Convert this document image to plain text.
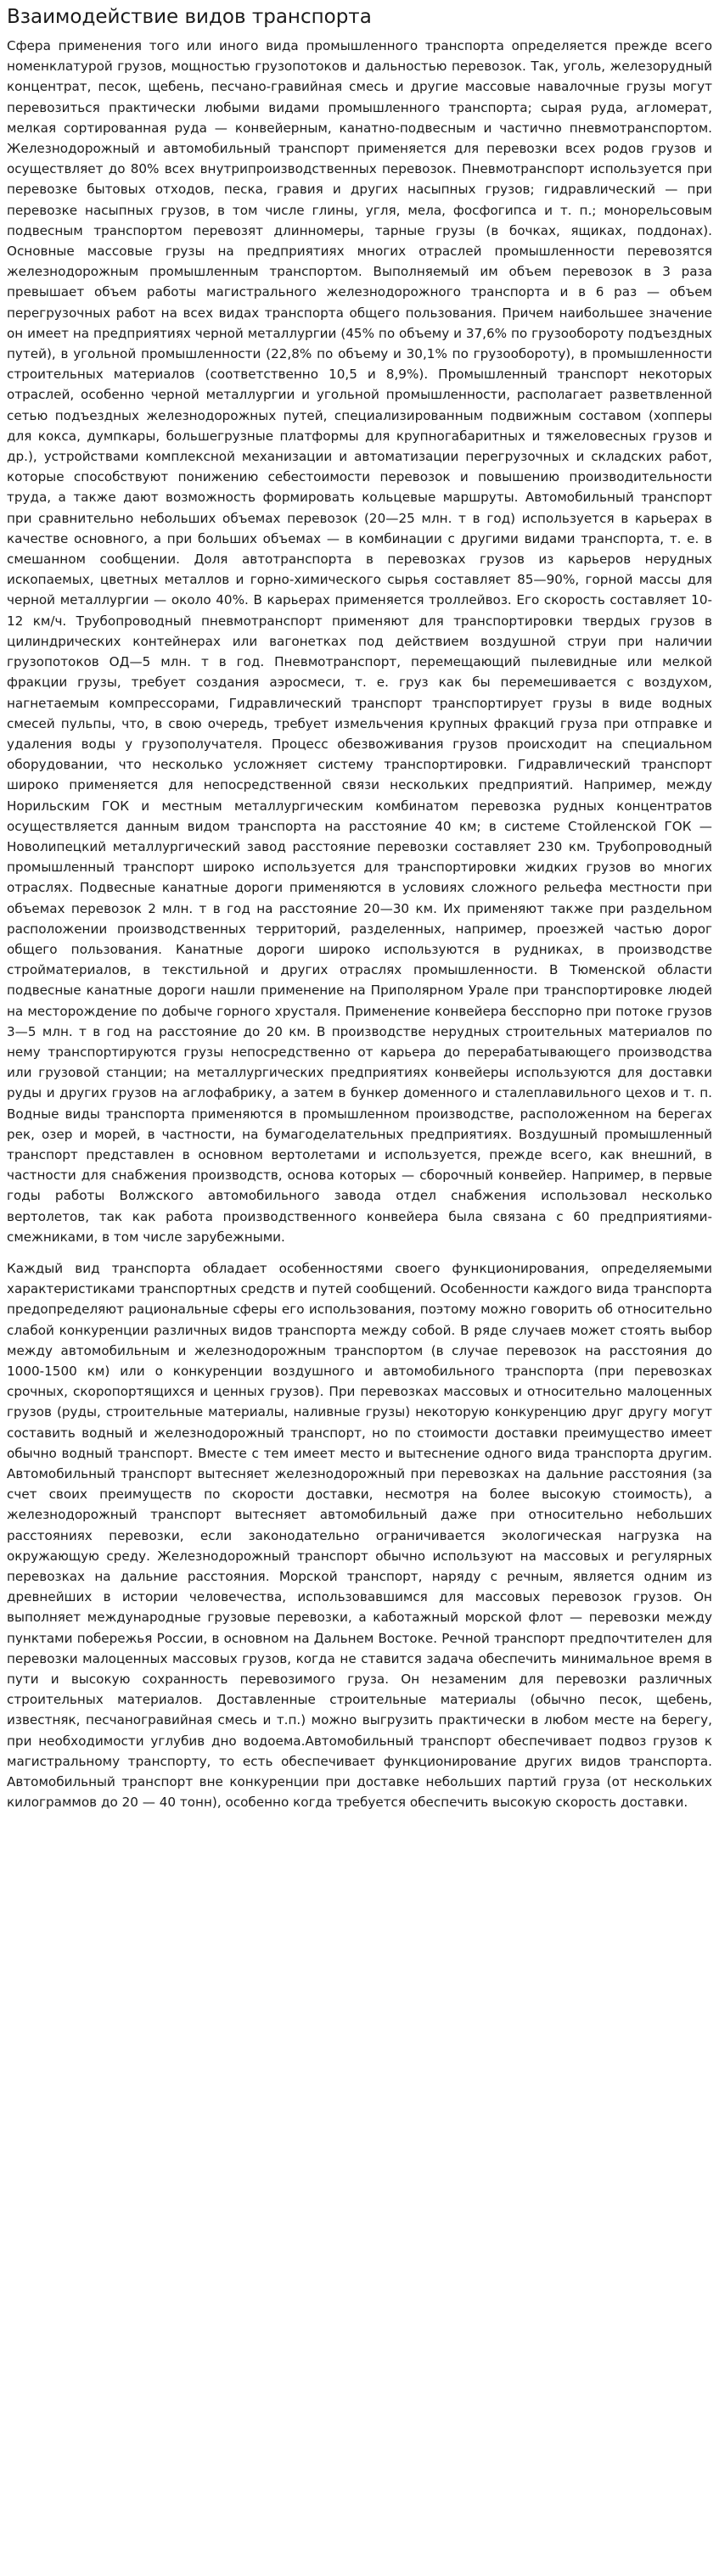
Взаимодействие видов транспорта

Сфера применения того или иного вида промышленного транспорта определяется прежде всего номенклатурой грузов, мощностью грузопотоков и дальностью перевозок. Так, уголь, железорудный концентрат, песок, щебень, песчано-гравийная смесь и другие массовые навалочные грузы могут перевозиться практически любыми видами промышленного транспорта; сырая руда, агломерат, мелкая сортированная руда — конвейерным, канатно-подвесным и частично пневмотранспортом. Железнодорожный и автомобильный транспорт применяется для перевозки всех родов грузов и осуществляет до 80% всех внутрипроизводственных перевозок. Пневмотранспорт используется при перевозке бытовых отходов, песка, гравия и других насыпных грузов; гидравлический — при перевозке насыпных грузов, в том числе глины, угля, мела, фосфогипса и т. п.; монорельсовым подвесным транспортом перевозят длинномеры, тарные грузы (в бочках, ящиках, поддонах). Основные массовые грузы на предприятиях многих отраслей промышленности перевозятся железнодорожным промышленным транспортом. Выполняемый им объем перевозок в 3 раза превышает объем работы магистрального железнодорожного транспорта и в 6 раз — объем перегрузочных работ на всех видах транспорта общего пользования. Причем наибольшее значение он имеет на предприятиях черной металлургии (45% по объему и 37,6% по грузообороту подъездных путей), в угольной промышленности (22,8% по объему и 30,1% по грузообороту), в промышленности строительных материалов (соответственно 10,5 и 8,9%). Промышленный транспорт некоторых отраслей, особенно черной металлургии и угольной промышленности, располагает разветвленной сетью подъездных железнодорожных путей, специализированным подвижным составом (хопперы для кокса, думпкары, большегрузные платформы для крупногабаритных и тяжеловесных грузов и др.), устройствами комплексной механизации и автоматизации перегрузочных и складских работ, которые способствуют понижению себестоимости перевозок и повышению производительности труда, а также дают возможность формировать кольцевые маршруты. Автомобильный транспорт при сравнительно небольших объемах перевозок (20—25 млн. т в год) используется в карьерах в качестве основного, а при больших объемах — в комбинации с другими видами транспорта, т. е. в смешанном сообщении. Доля автотранспорта в перевозках грузов из карьеров нерудных ископаемых, цветных металлов и горно-химического сырья составляет 85—90%, горной массы для черной металлургии — около 40%. В карьерах применяется троллейвоз. Его скорость составляет 10-12 км/ч. Трубопроводный пневмотранспорт применяют для транспортировки твердых грузов в цилиндрических контейнерах или вагонетках под действием воздушной струи при наличии грузопотоков ОД—5 млн. т в год. Пневмотранспорт, перемещающий пылевидные или мелкой фракции грузы, требует создания аэросмеси, т. е. груз как бы перемешивается с воздухом, нагнетаемым компрессорами, Гидравлический транспорт транспортирует грузы в виде водных смесей пульпы, что, в свою очередь, требует измельчения крупных фракций груза при отправке и удаления воды у грузополучателя. Процесс обезвоживания грузов происходит на специальном оборудовании, что несколько усложняет систему транспортировки. Гидравлический транспорт широко применяется для непосредственной связи нескольких предприятий. Например, между Норильским ГОК и местным металлургическим комбинатом перевозка рудных концентратов осуществляется данным видом транспорта на расстояние 40 км; в системе Стойленской ГОК — Новолипецкий металлургический завод расстояние перевозки составляет 230 км. Трубопроводный промышленный транспорт широко используется для транспортировки жидких грузов во многих отраслях. Подвесные канатные дороги применяются в условиях сложного рельефа местности при объемах перевозок 2 млн. т в год на расстояние 20—30 км. Их применяют также при раздельном расположении производственных территорий, разделенных, например, проезжей частью дорог общего пользования. Канатные дороги широко используются в рудниках, в производстве стройматериалов, в текстильной и других отраслях промышленности. В Тюменской области подвесные канатные дороги нашли применение на Приполярном Урале при транспортировке людей на месторождение по добыче горного хрусталя. Применение конвейера бесспорно при потоке грузов 3—5 млн. т в год на расстояние до 20 км. В производстве нерудных строительных материалов по нему транспортируются грузы непосредственно от карьера до перерабатывающего производства или грузовой станции; на металлургических предприятиях конвейеры используются для доставки руды и других грузов на аглофабрику, а затем в бункер доменного и сталеплавильного цехов и т. п. Водные виды транспорта применяются в промышленном производстве, расположенном на берегах рек, озер и морей, в частности, на бумагоделательных предприятиях. Воздушный промышленный транспорт представлен в основном вертолетами и используется, прежде всего, как внешний, в частности для снабжения производств, основа которых — сборочный конвейер. Например, в первые годы работы Волжского автомобильного завода отдел снабжения использовал несколько вертолетов, так как работа производственного конвейера была связана с 60 предприятиями-смежниками, в том числе зарубежными.

Каждый вид транспорта обладает особенностями своего функционирования, определяемыми характеристиками транспортных средств и путей сообщений. Особенности каждого вида транспорта предопределяют рациональные сферы его использования, поэтому можно говорить об относительно слабой конкуренции различных видов транспорта между собой. В ряде случаев может стоять выбор между автомобильным и железнодорожным транспортом (в случае перевозок на расстояния до 1000-1500 км) или о конкуренции воздушного и автомобильного транспорта (при перевозках срочных, скоропортящихся и ценных грузов). При перевозках массовых и относительно малоценных грузов (руды, строительные материалы, наливные грузы) некоторую конкуренцию друг другу могут составить водный и железнодорожный транспорт, но по стоимости доставки преимущество имеет обычно водный транспорт. Вместе с тем имеет место и вытеснение одного вида транспорта другим. Автомобильный транспорт вытесняет железнодорожный при перевозках на дальние расстояния (за счет своих преимуществ по скорости доставки, несмотря на более высокую стоимость), а железнодорожный транспорт вытесняет автомобильный даже при относительно небольших расстояниях перевозки, если законодательно ограничивается экологическая нагрузка на окружающую среду. Железнодорожный транспорт обычно используют на массовых и регулярных перевозках на дальние расстояния. Морской транспорт, наряду с речным, является одним из древнейших в истории человечества, использовавшимся для массовых перевозок грузов. Он выполняет международные грузовые перевозки, а каботажный морской флот — перевозки между пунктами побережья России, в основном на Дальнем Востоке. Речной транспорт предпочтителен для перевозки малоценных массовых грузов, когда не ставится задача обеспечить минимальное время в пути и высокую сохранность перевозимого груза. Он незаменим для перевозки различных строительных материалов. Доставленные строительные материалы (обычно песок, щебень, известняк, песчаногравийная смесь и т.п.) можно выгрузить практически в любом месте на берегу, при необходимости углубив дно водоема.Автомобильный транспорт обеспечивает подвоз грузов к магистральному транспорту, то есть обеспечивает функционирование других видов транспорта. Автомобильный транспорт вне конкуренции при доставке небольших партий груза (от нескольких килограммов до 20 — 40 тонн), особенно когда требуется обеспечить высокую скорость доставки.
